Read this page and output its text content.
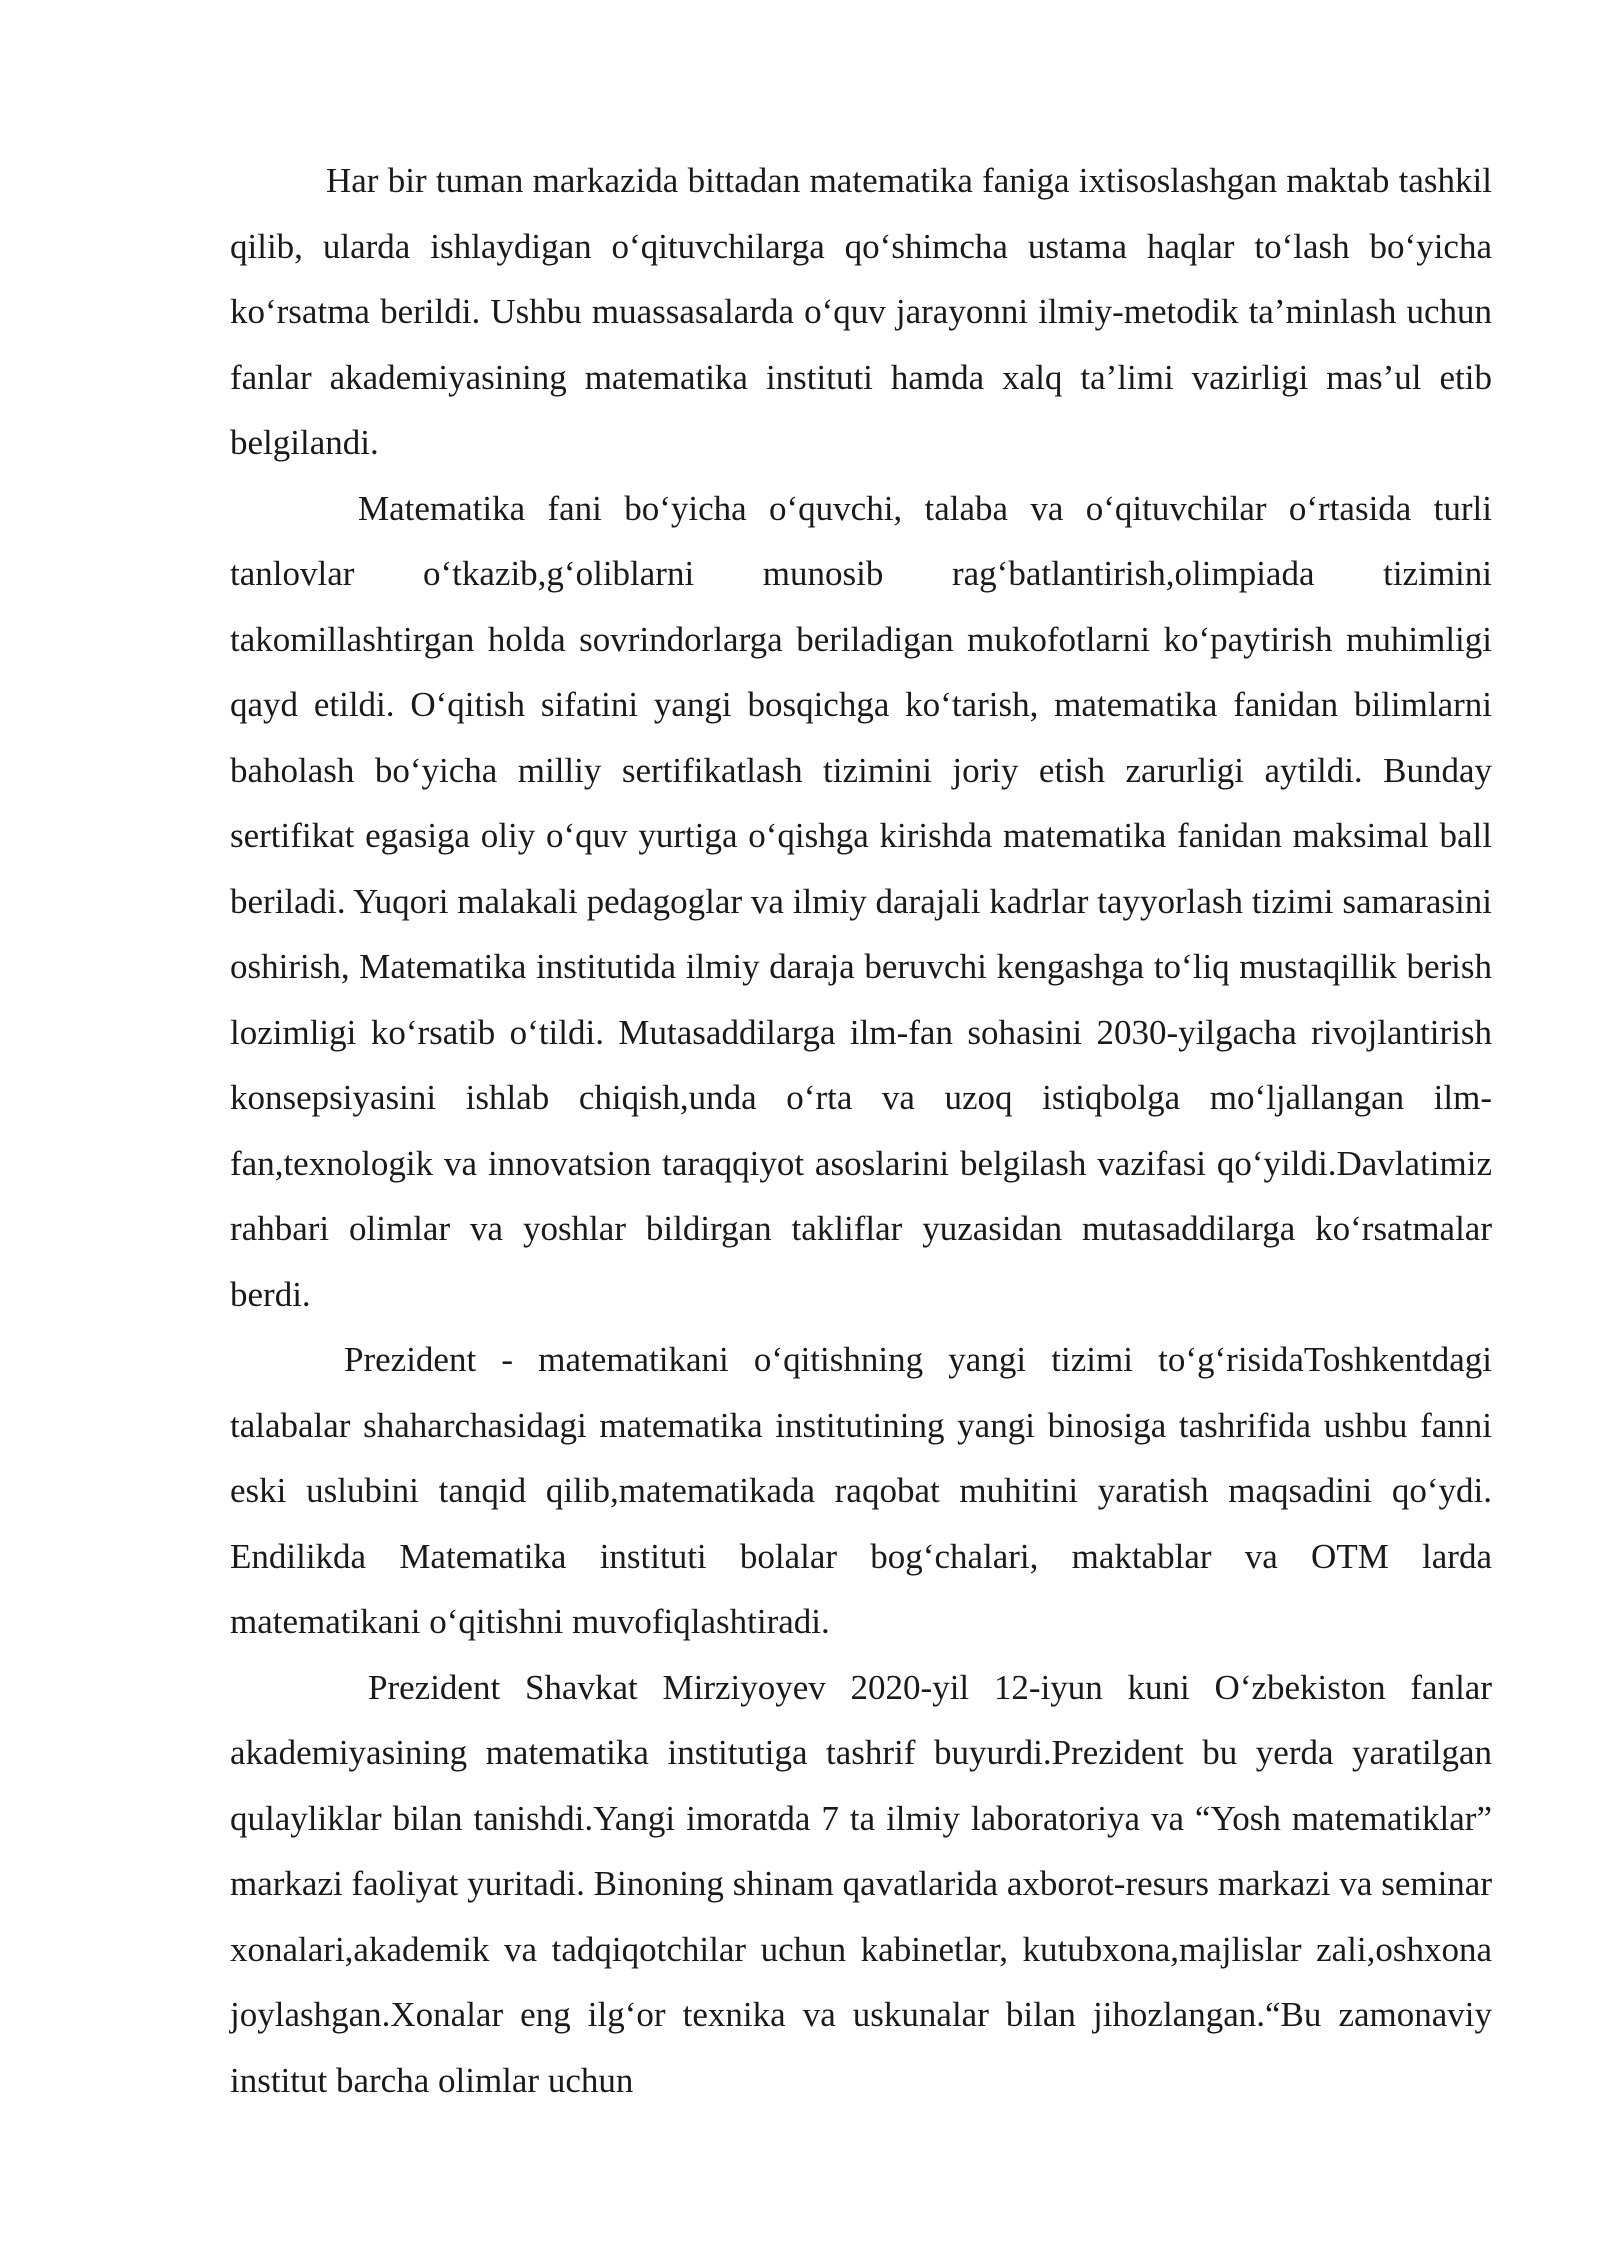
Har bir tuman markazida bittadan matematika faniga ixtisoslashgan maktab tashkil qilib, ularda ishlaydigan o‘qituvchilarga qo‘shimcha ustama haqlar to‘lash bo‘yicha ko‘rsatma berildi. Ushbu muassasalarda o‘quv jarayonni ilmiy-metodik ta’minlash uchun fanlar akademiyasining matematika instituti hamda xalq ta’limi vazirligi mas’ul etib belgilandi.

Matematika fani bo‘yicha o‘quvchi, talaba va o‘qituvchilar o‘rtasida turli tanlovlar o‘tkazib,g‘oliblarni munosib rag‘batlantirish,olimpiada tizimini takomillashtirgan holda sovrindorlarga beriladigan mukofotlarni ko‘paytirish muhimligi qayd etildi. O‘qitish sifatini yangi bosqichga ko‘tarish, matematika fanidan bilimlarni baholash bo‘yicha milliy sertifikatlash tizimini joriy etish zarurligi aytildi. Bunday sertifikat egasiga oliy o‘quv yurtiga o‘qishga kirishda matematika fanidan maksimal ball beriladi. Yuqori malakali pedagoglar va ilmiy darajali kadrlar tayyorlash tizimi samarasini oshirish, Matematika institutida ilmiy daraja beruvchi kengashga to‘liq mustaqillik berish lozimligi ko‘rsatib o‘tildi. Mutasaddilarga ilm-fan sohasini 2030-yilgacha rivojlantirish konsepsiyasini ishlab chiqish,unda o‘rta va uzoq istiqbolga mo‘ljallangan ilm-fan,texnologik va innovatsion taraqqiyot asoslarini belgilash vazifasi qo‘yildi.Davlatimiz rahbari olimlar va yoshlar bildirgan takliflar yuzasidan mutasaddilarga ko‘rsatmalar berdi.

Prezident - matematikani o‘qitishning yangi tizimi to‘g‘risidaToshkentdagi talabalar shaharchasidagi matematika institutining yangi binosiga tashrifida ushbu fanni eski uslubini tanqid qilib,matematikada raqobat muhitini yaratish maqsadini qo‘ydi. Endilikda Matematika instituti bolalar bog‘chalari, maktablar va OTM larda matematikani o‘qitishni muvofiqlashtiradi.

Prezident Shavkat Mirziyoyev 2020-yil 12-iyun kuni O‘zbekiston fanlar akademiyasining matematika institutiga tashrif buyurdi.Prezident bu yerda yaratilgan qulayliklar bilan tanishdi.Yangi imoratda 7 ta ilmiy laboratoriya va “Yosh matematiklar” markazi faoliyat yuritadi. Binoning shinam qavatlarida axborot-resurs markazi va seminar xonalari,akademik va tadqiqotchilar uchun kabinetlar, kutubxona,majlislar zali,oshxona joylashgan.Xonalar eng ilg‘or texnika va uskunalar bilan jihozlangan.“Bu zamonaviy institut barcha olimlar uchun
